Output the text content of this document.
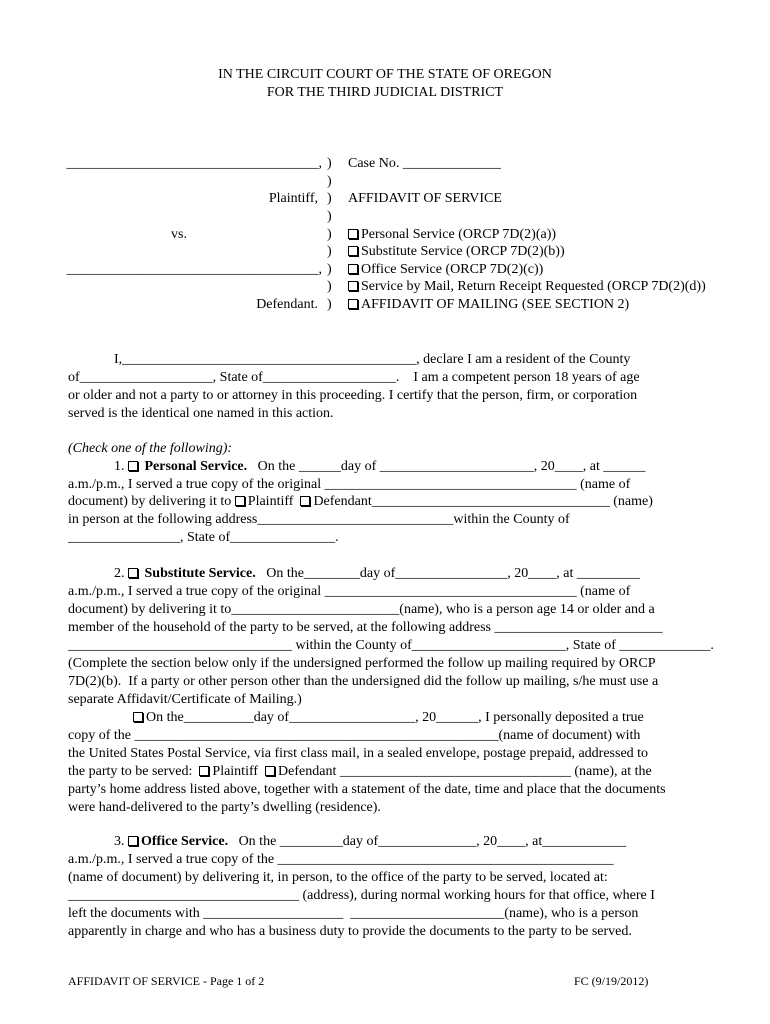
IN THE CIRCUIT COURT OF THE STATE OF OREGON
FOR THE THIRD JUDICIAL DISTRICT
____________________________________,
Plaintiff,
vs.
____________________________________,
Defendant.
)
)
)
)
)
)
)
)
)
Case No. ______________
AFFIDAVIT OF SERVICE
Personal Service (ORCP 7D(2)(a))
Substitute Service (ORCP 7D(2)(b))
Office Service (ORCP 7D(2)(c))
Service by Mail, Return Receipt Requested (ORCP 7D(2)(d))
AFFIDAVIT OF MAILING (SEE SECTION 2)
I,__________________________________________, declare I am a resident of the County
of___________________, State of___________________.    I am a competent person 18 years of age
or older and not a party to or attorney in this proceeding. I certify that the person, firm, or corporation
served is the identical one named in this action.
(Check one of the following):
1. Personal Service.   On the ______day of ______________________, 20____, at ______
a.m./p.m., I served a true copy of the original ____________________________________ (name of
document) by delivering it to Plaintiff Defendant__________________________________ (name)
in person at the following address____________________________within the County of
________________, State of_______________.
2. Substitute Service.   On the________day of________________, 20____, at _________
a.m./p.m., I served a true copy of the original ____________________________________ (name of
document) by delivering it to________________________(name), who is a person age 14 or older and a
member of the household of the party to be served, at the following address ________________________
________________________________ within the County of______________________, State of _____________.
(Complete the section below only if the undersigned performed the follow up mailing required by ORCP
7D(2)(b).  If a party or other person other than the undersigned did the follow up mailing, s/he must use a
separate Affidavit/Certificate of Mailing.)
On the__________day of__________________, 20______, I personally deposited a true
copy of the ____________________________________________________(name of document) with
the United States Postal Service, via first class mail, in a sealed envelope, postage prepaid, addressed to
the party to be served: Plaintiff Defendant _________________________________ (name), at the
party’s home address listed above, together with a statement of the date, time and place that the documents
were hand-delivered to the party’s dwelling (residence).
3. Office Service.   On the _________day of______________, 20____, at____________
a.m./p.m., I served a true copy of the ________________________________________________
(name of document) by delivering it, in person, to the office of the party to be served, located at:
_________________________________ (address), during normal working hours for that office, where I
left the documents with ____________________  ______________________(name), who is a person
apparently in charge and who has a business duty to provide the documents to the party to be served.
AFFIDAVIT OF SERVICE - Page 1 of 2	FC (9/19/2012)
